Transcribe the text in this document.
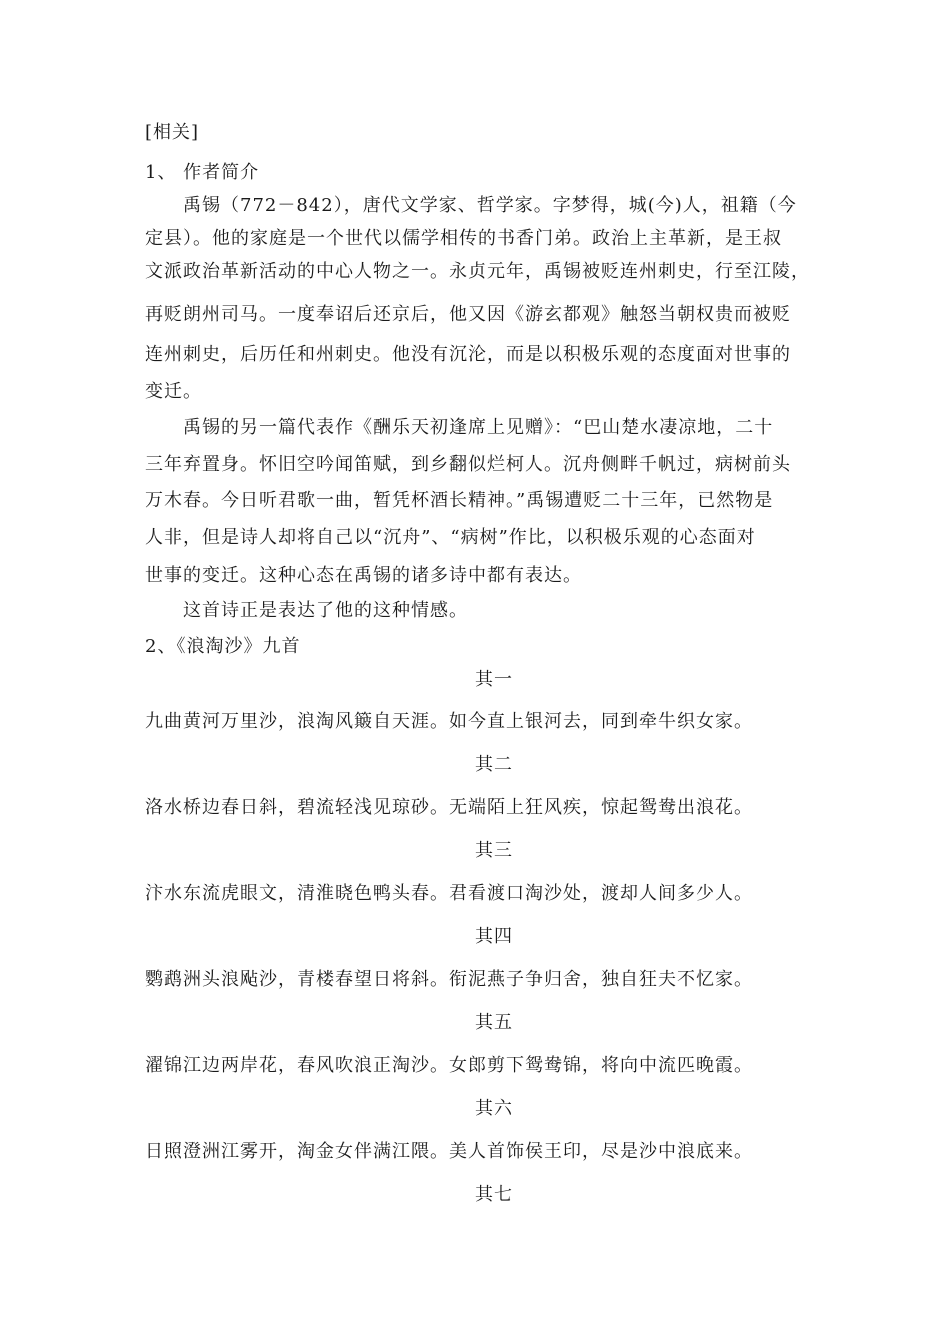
[相关]
1、 作者简介
禹锡（772－842），唐代文学家、哲学家。字梦得，城(今)人，祖籍（今
定县）。他的家庭是一个世代以儒学相传的书香门弟。政治上主革新，是王叔
文派政治革新活动的中心人物之一。永贞元年，禹锡被贬连州刺史，行至江陵，
再贬朗州司马。一度奉诏后还京后，他又因《游玄都观》触怒当朝权贵而被贬
连州刺史，后历任和州刺史。他没有沉沦，而是以积极乐观的态度面对世事的
变迁。
禹锡的另一篇代表作《酬乐天初逢席上见赠》：“巴山楚水凄凉地，二十
三年弃置身。怀旧空吟闻笛赋，到乡翻似烂柯人。沉舟侧畔千帆过，病树前头
万木春。今日听君歌一曲，暂凭杯酒长精神。”禹锡遭贬二十三年，已然物是
人非，但是诗人却将自己以“沉舟”、“病树”作比，以积极乐观的心态面对
世事的变迁。这种心态在禹锡的诸多诗中都有表达。
这首诗正是表达了他的这种情感。
2、《浪淘沙》九首
其一
九曲黄河万里沙，浪淘风簸自天涯。如今直上银河去，同到牵牛织女家。
其二
洛水桥边春日斜，碧流轻浅见琼砂。无端陌上狂风疾，惊起鸳鸯出浪花。
其三
汴水东流虎眼文，清淮晓色鸭头春。君看渡口淘沙处，渡却人间多少人。
其四
鹦鹉洲头浪飐沙，青楼春望日将斜。衔泥燕子争归舍，独自狂夫不忆家。
其五
濯锦江边两岸花，春风吹浪正淘沙。女郎剪下鸳鸯锦，将向中流匹晚霞。
其六
日照澄洲江雾开，淘金女伴满江隈。美人首饰侯王印，尽是沙中浪底来。
其七
